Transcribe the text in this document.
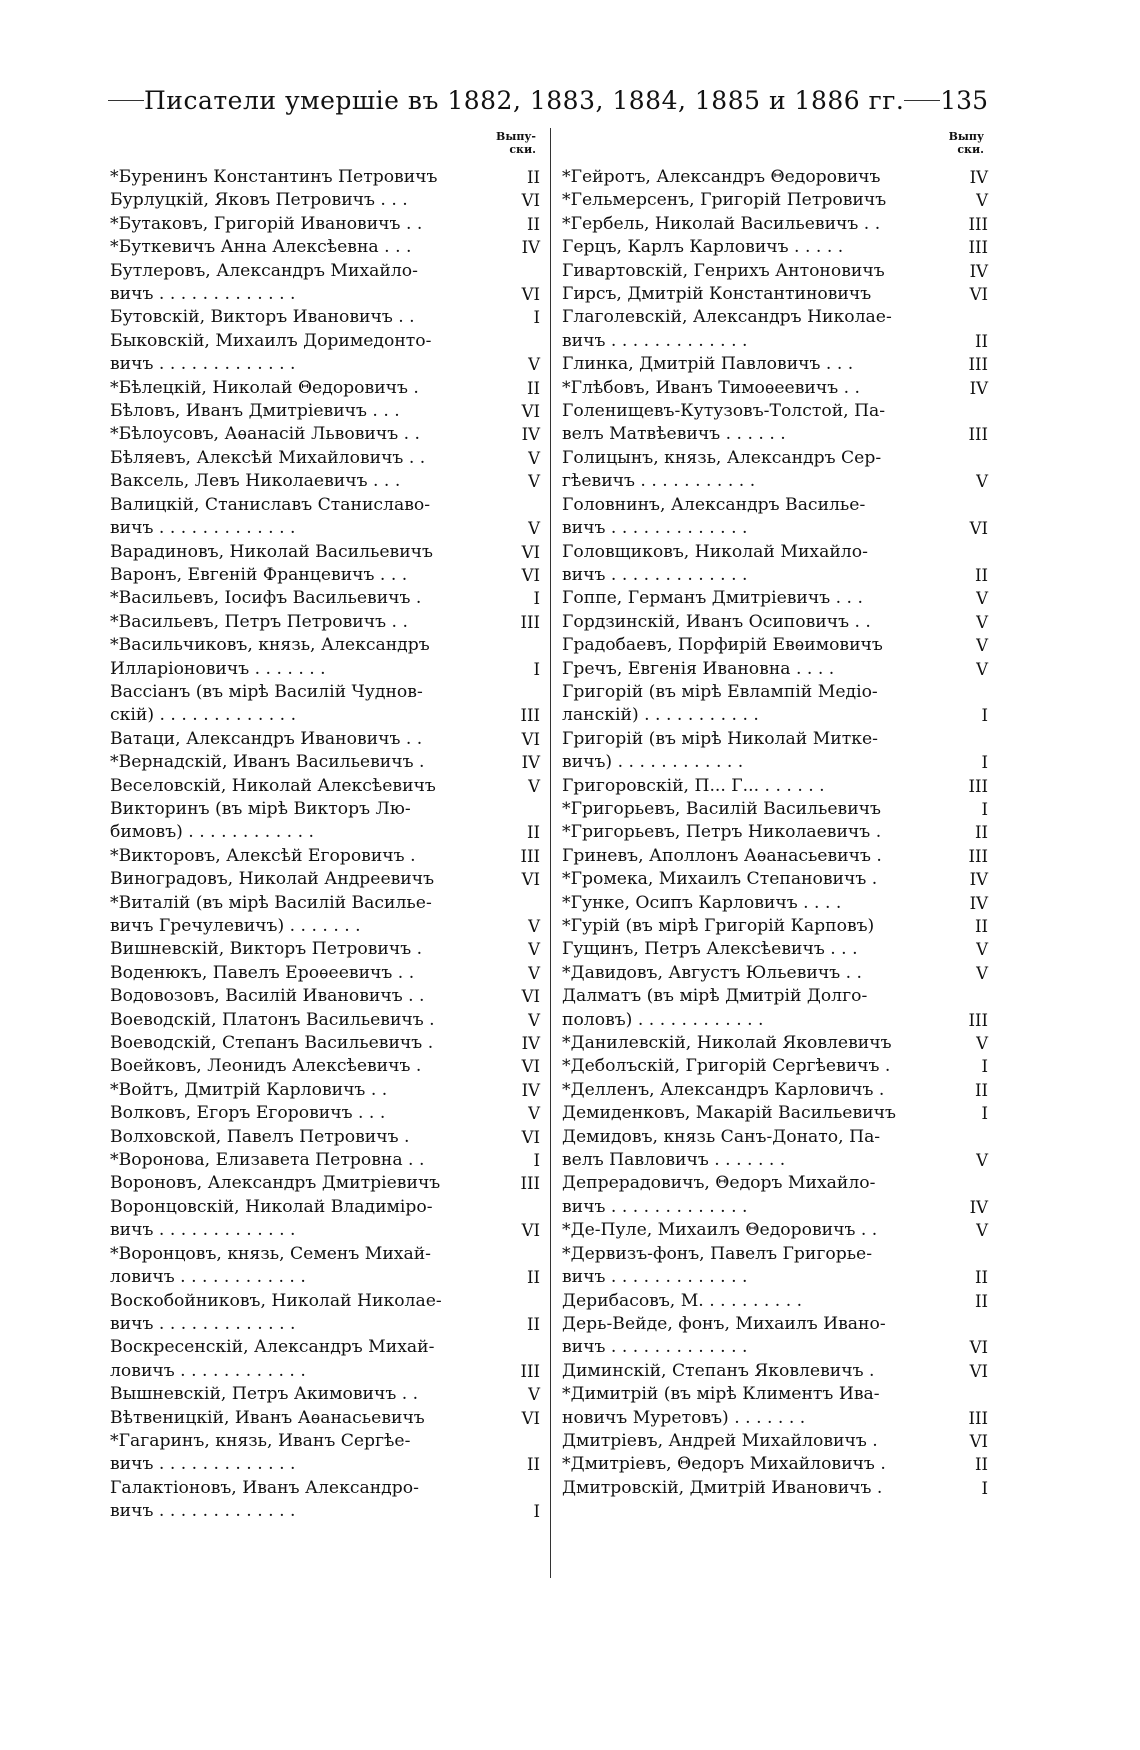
Писатели умершiе въ 1882, 1883, 1884, 1885 и 1886 гг. 135
Выпу-
ски.
*Буренинъ Константинъ Петровичъ	II
Бурлуцкiй, Яковъ Петровичъ . . .	VI
*Бутаковъ, Григорiй Ивановичъ . .	II
*Буткевичъ Анна Алексѣевна . . .	IV
Бутлеровъ, Александръ Михайло-
вичъ . . . . . . . . . . . . .	VI
Бутовскiй, Викторъ Ивановичъ . .	I
Быковскiй, Михаилъ Доримедонто-
вичъ . . . . . . . . . . . . .	V
*Бѣлецкiй, Николай Θедоровичъ .	II
Бѣловъ, Иванъ Дмитрiевичъ . . .	VI
*Бѣлоусовъ, Аѳанасiй Львовичъ . .	IV
Бѣляевъ, Алексѣй Михайловичъ . .	V
Ваксель, Левъ Николаевичъ . . .	V
Валицкiй, Станиславъ Станиславо-
вичъ . . . . . . . . . . . . .	V
Варадиновъ, Николай Васильевичъ	VI
Варонъ, Евгенiй Францевичъ . . .	VI
*Васильевъ, Iосифъ Васильевичъ .	I
*Васильевъ, Петръ Петровичъ . .	III
*Васильчиковъ, князь, Александръ
Илларiоновичъ . . . . . . .	I
Вассiанъ (въ мiрѣ Василiй Чуднов-
скiй) . . . . . . . . . . . . .	III
Ватаци, Александръ Ивановичъ . .	VI
*Вернадскiй, Иванъ Васильевичъ .	IV
Веселовскiй, Николай Алексѣевичъ	V
Викторинъ (въ мiрѣ Викторъ Лю-
бимовъ) . . . . . . . . . . . .	II
*Викторовъ, Алексѣй Егоровичъ .	III
Виноградовъ, Николай Андреевичъ	VI
*Виталiй (въ мiрѣ Василiй Василье-
вичъ Гречулевичъ) . . . . . . .	V
Вишневскiй, Викторъ Петровичъ .	V
Воденюкъ, Павелъ Ероѳеевичъ . .	V
Водовозовъ, Василiй Ивановичъ . .	VI
Воеводскiй, Платонъ Васильевичъ .	V
Воеводскiй, Степанъ Васильевичъ .	IV
Воейковъ, Леонидъ Алексѣевичъ .	VI
*Войтъ, Дмитрiй Карловичъ . .	IV
Волковъ, Егоръ Егоровичъ . . .	V
Волховской, Павелъ Петровичъ .	VI
*Воронова, Елизавета Петровна . .	I
Вороновъ, Александръ Дмитрiевичъ	III
Воронцовскiй, Николай Владимiро-
вичъ . . . . . . . . . . . . .	VI
*Воронцовъ, князь, Семенъ Михай-
ловичъ . . . . . . . . . . . .	II
Воскобойниковъ, Николай Николае-
вичъ . . . . . . . . . . . . .	II
Воскресенскiй, Александръ Михай-
ловичъ . . . . . . . . . . . .	III
Вышневскiй, Петръ Акимовичъ . .	V
Вѣтвеницкiй, Иванъ Аѳанасьевичъ	VI
*Гагаринъ, князь, Иванъ Сергѣе-
вичъ . . . . . . . . . . . . .	II
Галактiоновъ, Иванъ Александро-
вичъ . . . . . . . . . . . . .	I
Выпу
ски.
*Гейротъ, Александръ Θедоровичъ	IV
*Гельмерсенъ, Григорiй Петровичъ	V
*Гербель, Николай Васильевичъ . .	III
Герцъ, Карлъ Карловичъ . . . . .	III
Гивартовскiй, Генрихъ Антоновичъ	IV
Гирсъ, Дмитрiй Константиновичъ	VI
Глаголевскiй, Александръ Николае-
вичъ . . . . . . . . . . . . .	II
Глинка, Дмитрiй Павловичъ . . .	III
*Глѣбовъ, Иванъ Тимоѳеевичъ . .	IV
Голенищевъ-Кутузовъ-Толстой, Па-
велъ Матвѣевичъ . . . . . .	III
Голицынъ, князь, Александръ Сер-
гѣевичъ . . . . . . . . . . .	V
Головнинъ, Александръ Василье-
вичъ . . . . . . . . . . . . .	VI
Головщиковъ, Николай Михайло-
вичъ . . . . . . . . . . . . .	II
Гоппе, Германъ Дмитрiевичъ . . .	V
Гордзинскiй, Иванъ Осиповичъ . .	V
Градобаевъ, Порфирiй Евѳимовичъ	V
Гречъ, Евгенiя Ивановна . . . .	V
Григорiй (въ мiрѣ Евлампiй Медiо-
ланскiй) . . . . . . . . . . .	I
Григорiй (въ мiрѣ Николай Митке-
вичъ) . . . . . . . . . . . .	I
Григоровскiй, П... Г... . . . . . .	III
*Григорьевъ, Василiй Васильевичъ	I
*Григорьевъ, Петръ Николаевичъ .	II
Гриневъ, Аполлонъ Аѳанасьевичъ .	III
*Громека, Михаилъ Степановичъ .	IV
*Гунке, Осипъ Карловичъ . . . .	IV
*Гурiй (въ мiрѣ Григорiй Карповъ)	II
Гущинъ, Петръ Алексѣевичъ . . .	V
*Давидовъ, Августъ Юльевичъ . .	V
Далматъ (въ мiрѣ Дмитрiй Долго-
половъ) . . . . . . . . . . . .	III
*Данилевскiй, Николай Яковлевичъ	V
*Деболъскiй, Григорiй Сергѣевичъ .	I
*Делленъ, Александръ Карловичъ .	II
Демиденковъ, Макарiй Васильевичъ	I
Демидовъ, князь Санъ-Донато, Па-
велъ Павловичъ . . . . . . .	V
Депрерадовичъ, Θедоръ Михайло-
вичъ . . . . . . . . . . . . .	IV
*Де-Пуле, Михаилъ Θедоровичъ . .	V
*Дервизъ-фонъ, Павелъ Григорье-
вичъ . . . . . . . . . . . . .	II
Дерибасовъ, М. . . . . . . . . .	II
Дерь-Вейде, фонъ, Михаилъ Ивано-
вичъ . . . . . . . . . . . . .	VI
Диминскiй, Степанъ Яковлевичъ .	VI
*Димитрiй (въ мiрѣ Климентъ Ива-
новичъ Муретовъ) . . . . . . .	III
Дмитрiевъ, Андрей Михайловичъ .	VI
*Дмитрiевъ, Θедоръ Михайловичъ .	II
Дмитровскiй, Дмитрiй Ивановичъ .	I
